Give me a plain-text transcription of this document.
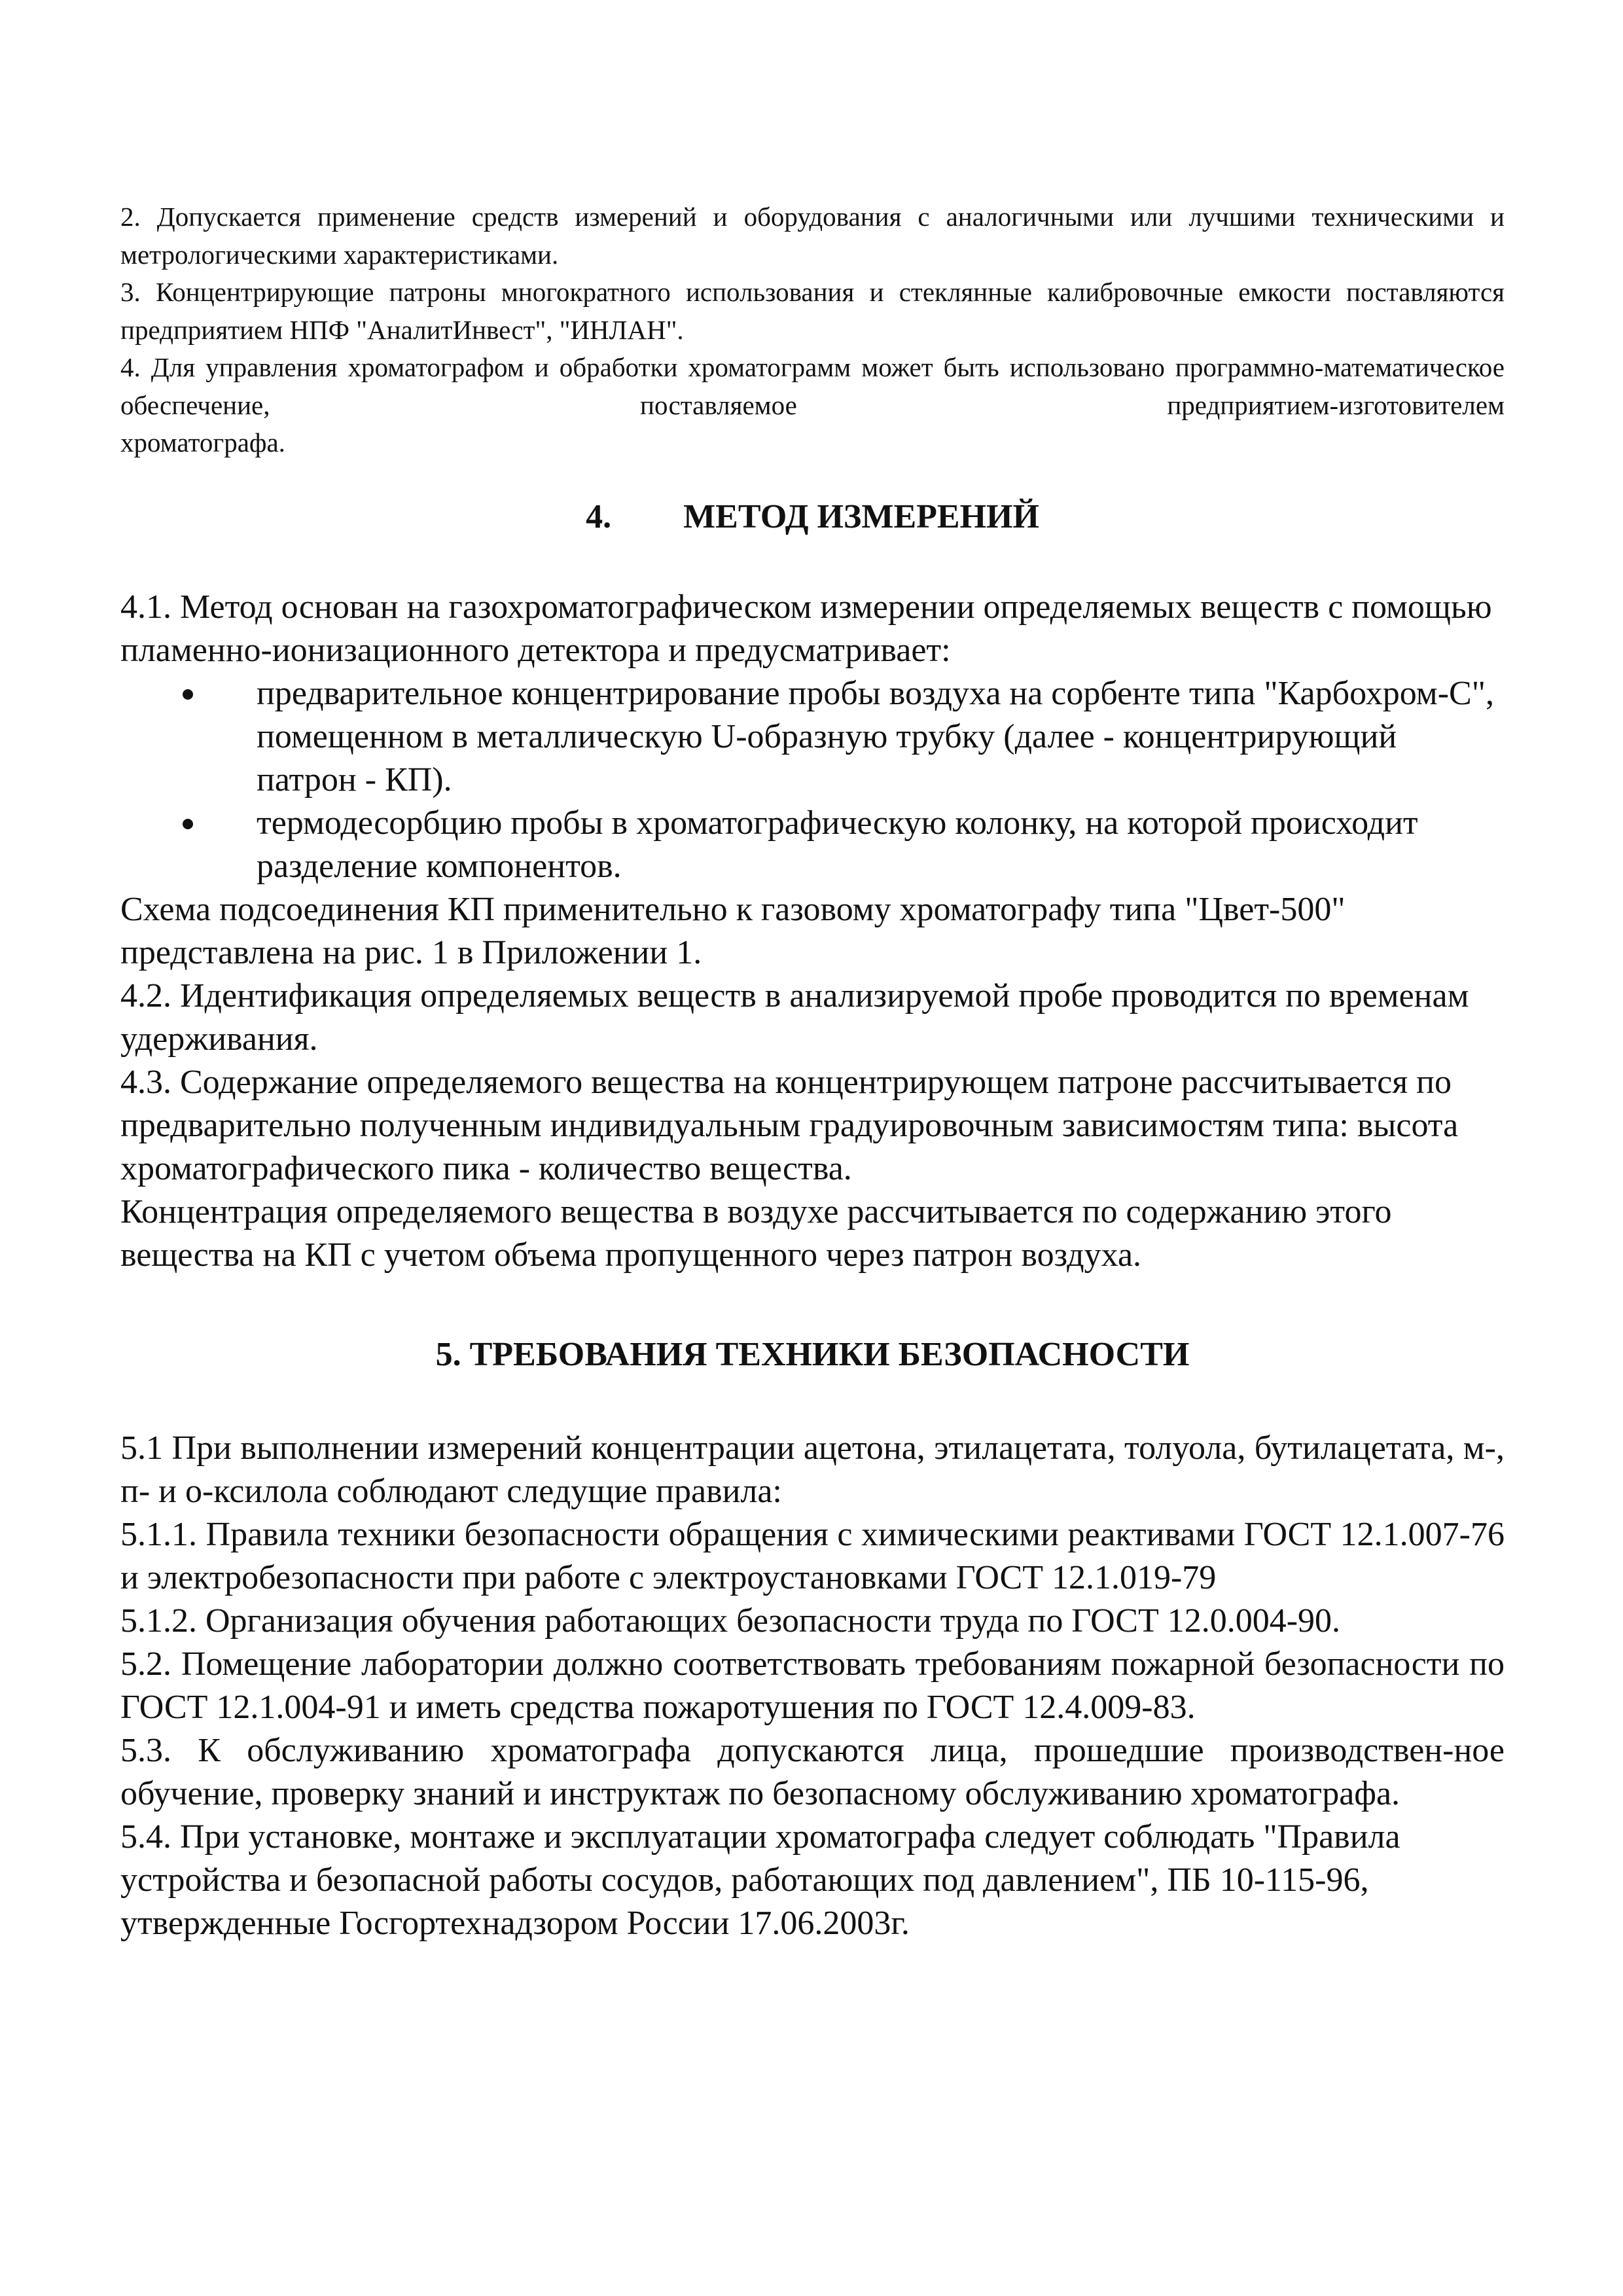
2. Допускается применение средств измерений и оборудования с аналогичными или лучшими техническими и метрологическими характеристиками.

3. Концентрирующие патроны многократного использования и стеклянные калибровочные емкости поставляются предприятием НПФ "АналитИнвест", "ИНЛАН".

4. Для управления хроматографом и обработки хроматограмм может быть использовано программно-математическое обеспечение, поставляемое предприятием-изготовителем

хроматографа.

4. МЕТОД ИЗМЕРЕНИЙ

4.1. Метод основан на газохроматографическом измерении определяемых веществ с помощью пламенно-ионизационного детектора и предусматривает:

предварительное концентрирование пробы воздуха на сорбенте типа "Карбохром-С", помещенном в металлическую U-образную трубку (далее - концентрирующий патрон - КП).
термодесорбцию пробы в хроматографическую колонку, на которой происходит разделение компонентов.

Схема подсоединения КП применительно к газовому хроматографу типа "Цвет-500" представлена на рис. 1 в Приложении 1.

4.2. Идентификация определяемых веществ в анализируемой пробе проводится по временам удерживания.

4.3. Содержание определяемого вещества на концентрирующем патроне рассчитывается по предварительно полученным индивидуальным градуировочным зависимостям типа: высота хроматографического пика - количество вещества.

Концентрация определяемого вещества в воздухе рассчитывается по содержанию этого вещества на КП с учетом объема пропущенного через патрон воздуха.

5. ТРЕБОВАНИЯ ТЕХНИКИ БЕЗОПАСНОСТИ

5.1 При выполнении измерений концентрации ацетона, этилацетата, толуола, бутилацетата, м-, п- и о-ксилола соблюдают следущие правила:

5.1.1. Правила техники безопасности обращения с химическими реактивами ГОСТ 12.1.007-76 и электробезопасности при работе с электроустановками ГОСТ 12.1.019-79

5.1.2. Организация обучения работающих безопасности труда по ГОСТ 12.0.004-90.

5.2. Помещение лаборатории должно соответствовать требованиям пожарной безопасности по ГОСТ 12.1.004-91 и иметь средства пожаротушения по ГОСТ 12.4.009-83.

5.3. К обслуживанию хроматографа допускаются лица, прошедшие производствен-ное обучение, проверку знаний и инструктаж по безопасному обслуживанию хроматографа.

5.4. При установке, монтаже и эксплуатации хроматографа следует соблюдать "Правила устройства и безопасной работы сосудов, работающих под давлением", ПБ 10-115-96, утвержденные Госгортехнадзором России 17.06.2003г.
